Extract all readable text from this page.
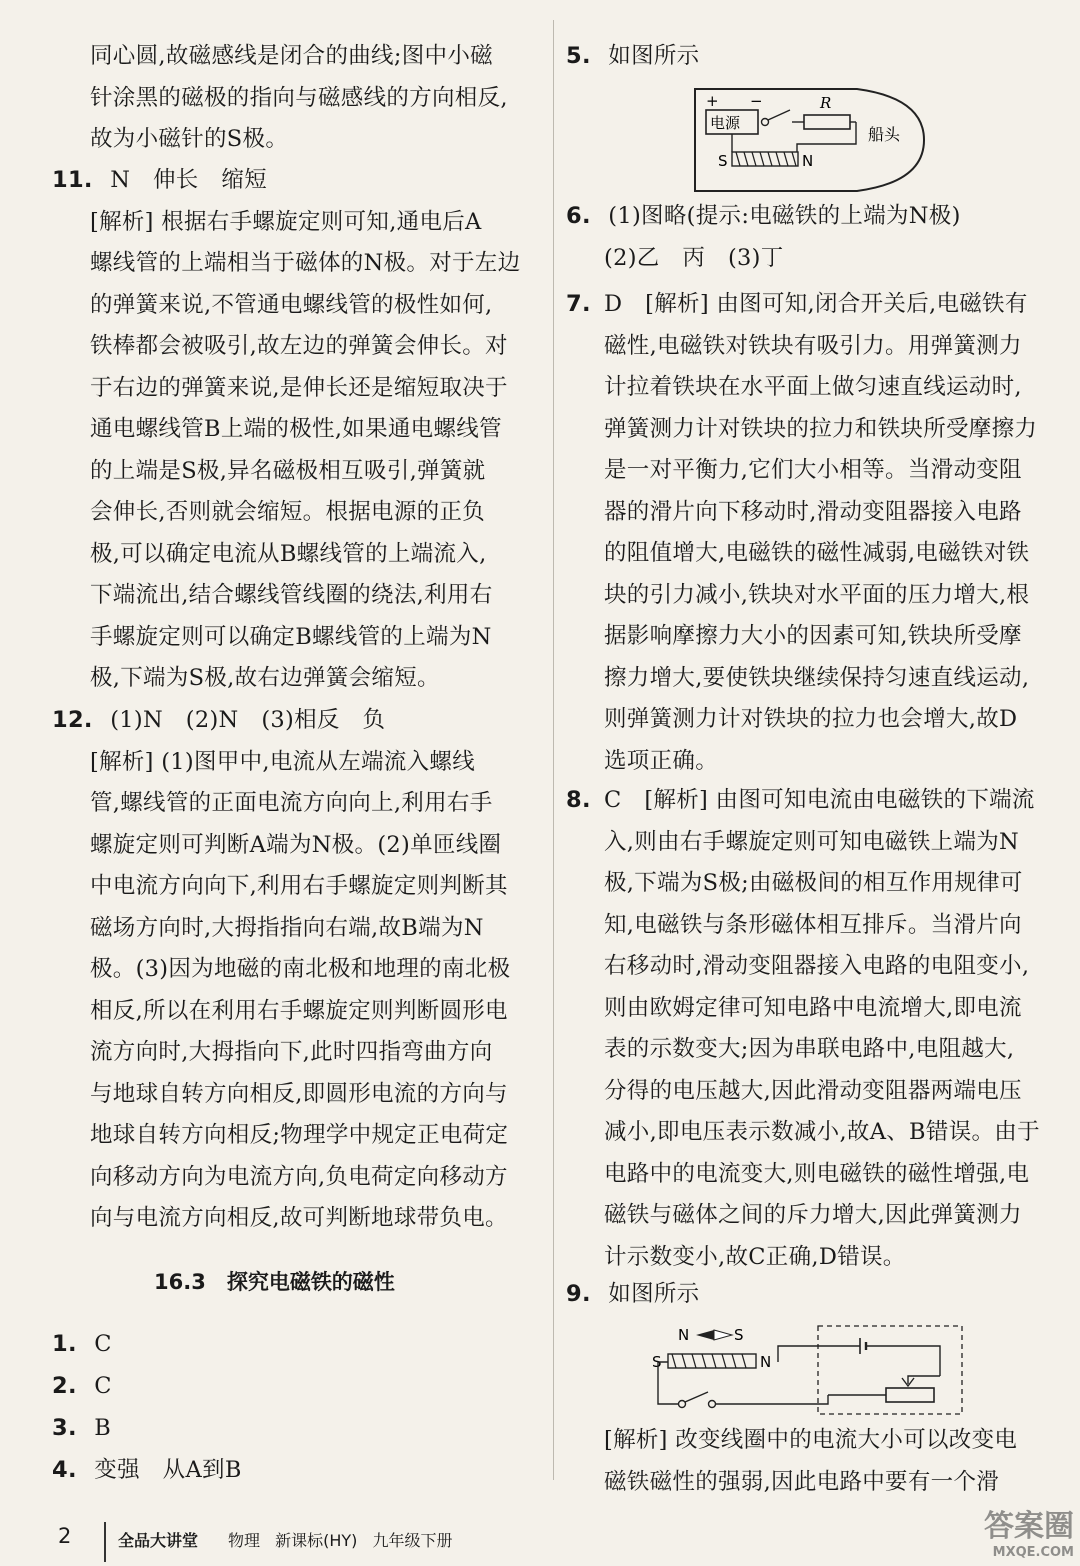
同心圆,故磁感线是闭合的曲线;图中小磁
针涂黑的磁极的指向与磁感线的方向相反,
故为小磁针的S极。
11. N　伸长　缩短
[解析] 根据右手螺旋定则可知,通电后A
螺线管的上端相当于磁体的N极。对于左边
的弹簧来说,不管通电螺线管的极性如何,
铁棒都会被吸引,故左边的弹簧会伸长。对
于右边的弹簧来说,是伸长还是缩短取决于
通电螺线管B上端的极性,如果通电螺线管
的上端是S极,异名磁极相互吸引,弹簧就
会伸长,否则就会缩短。根据电源的正负
极,可以确定电流从B螺线管的上端流入,
下端流出,结合螺线管线圈的绕法,利用右
手螺旋定则可以确定B螺线管的上端为N
极,下端为S极,故右边弹簧会缩短。
12. (1)N　(2)N　(3)相反　负
[解析] (1)图甲中,电流从左端流入螺线
管,螺线管的正面电流方向向上,利用右手
螺旋定则可判断A端为N极。(2)单匝线圈
中电流方向向下,利用右手螺旋定则判断其
磁场方向时,大拇指指向右端,故B端为N
极。(3)因为地磁的南北极和地理的南北极
相反,所以在利用右手螺旋定则判断圆形电
流方向时,大拇指向下,此时四指弯曲方向
与地球自转方向相反,即圆形电流的方向与
地球自转方向相反;物理学中规定正电荷定
向移动方向为电流方向,负电荷定向移动方
向与电流方向相反,故可判断地球带负电。
16.3　探究电磁铁的磁性
1. C
2. C
3. B
4. 变强　从A到B
5. 如图所示
+ −
电源
R
船头
S	N
6. (1)图略(提示:电磁铁的上端为N极)
(2)乙　丙　(3)丁
7. D　[解析] 由图可知,闭合开关后,电磁铁有
磁性,电磁铁对铁块有吸引力。用弹簧测力
计拉着铁块在水平面上做匀速直线运动时,
弹簧测力计对铁块的拉力和铁块所受摩擦力
是一对平衡力,它们大小相等。当滑动变阻
器的滑片向下移动时,滑动变阻器接入电路
的阻值增大,电磁铁的磁性减弱,电磁铁对铁
块的引力减小,铁块对水平面的压力增大,根
据影响摩擦力大小的因素可知,铁块所受摩
擦力增大,要使铁块继续保持匀速直线运动,
则弹簧测力计对铁块的拉力也会增大,故D
选项正确。
8. C　[解析] 由图可知电流由电磁铁的下端流
入,则由右手螺旋定则可知电磁铁上端为N
极,下端为S极;由磁极间的相互作用规律可
知,电磁铁与条形磁体相互排斥。当滑片向
右移动时,滑动变阻器接入电路的电阻变小,
则由欧姆定律可知电路中电流增大,即电流
表的示数变大;因为串联电路中,电阻越大,
分得的电压越大,因此滑动变阻器两端电压
减小,即电压表示数减小,故A、B错误。由于
电路中的电流变大,则电磁铁的磁性增强,电
磁铁与磁体之间的斥力增大,因此弹簧测力
计示数变小,故C正确,D错误。
9. 如图所示
N	S
S	N
[解析] 改变线圈中的电流大小可以改变电
磁铁磁性的强弱,因此电路中要有一个滑
2	全品大讲堂 物理 新课标(HY) 九年级下册	答案圈
MXQE.COM
